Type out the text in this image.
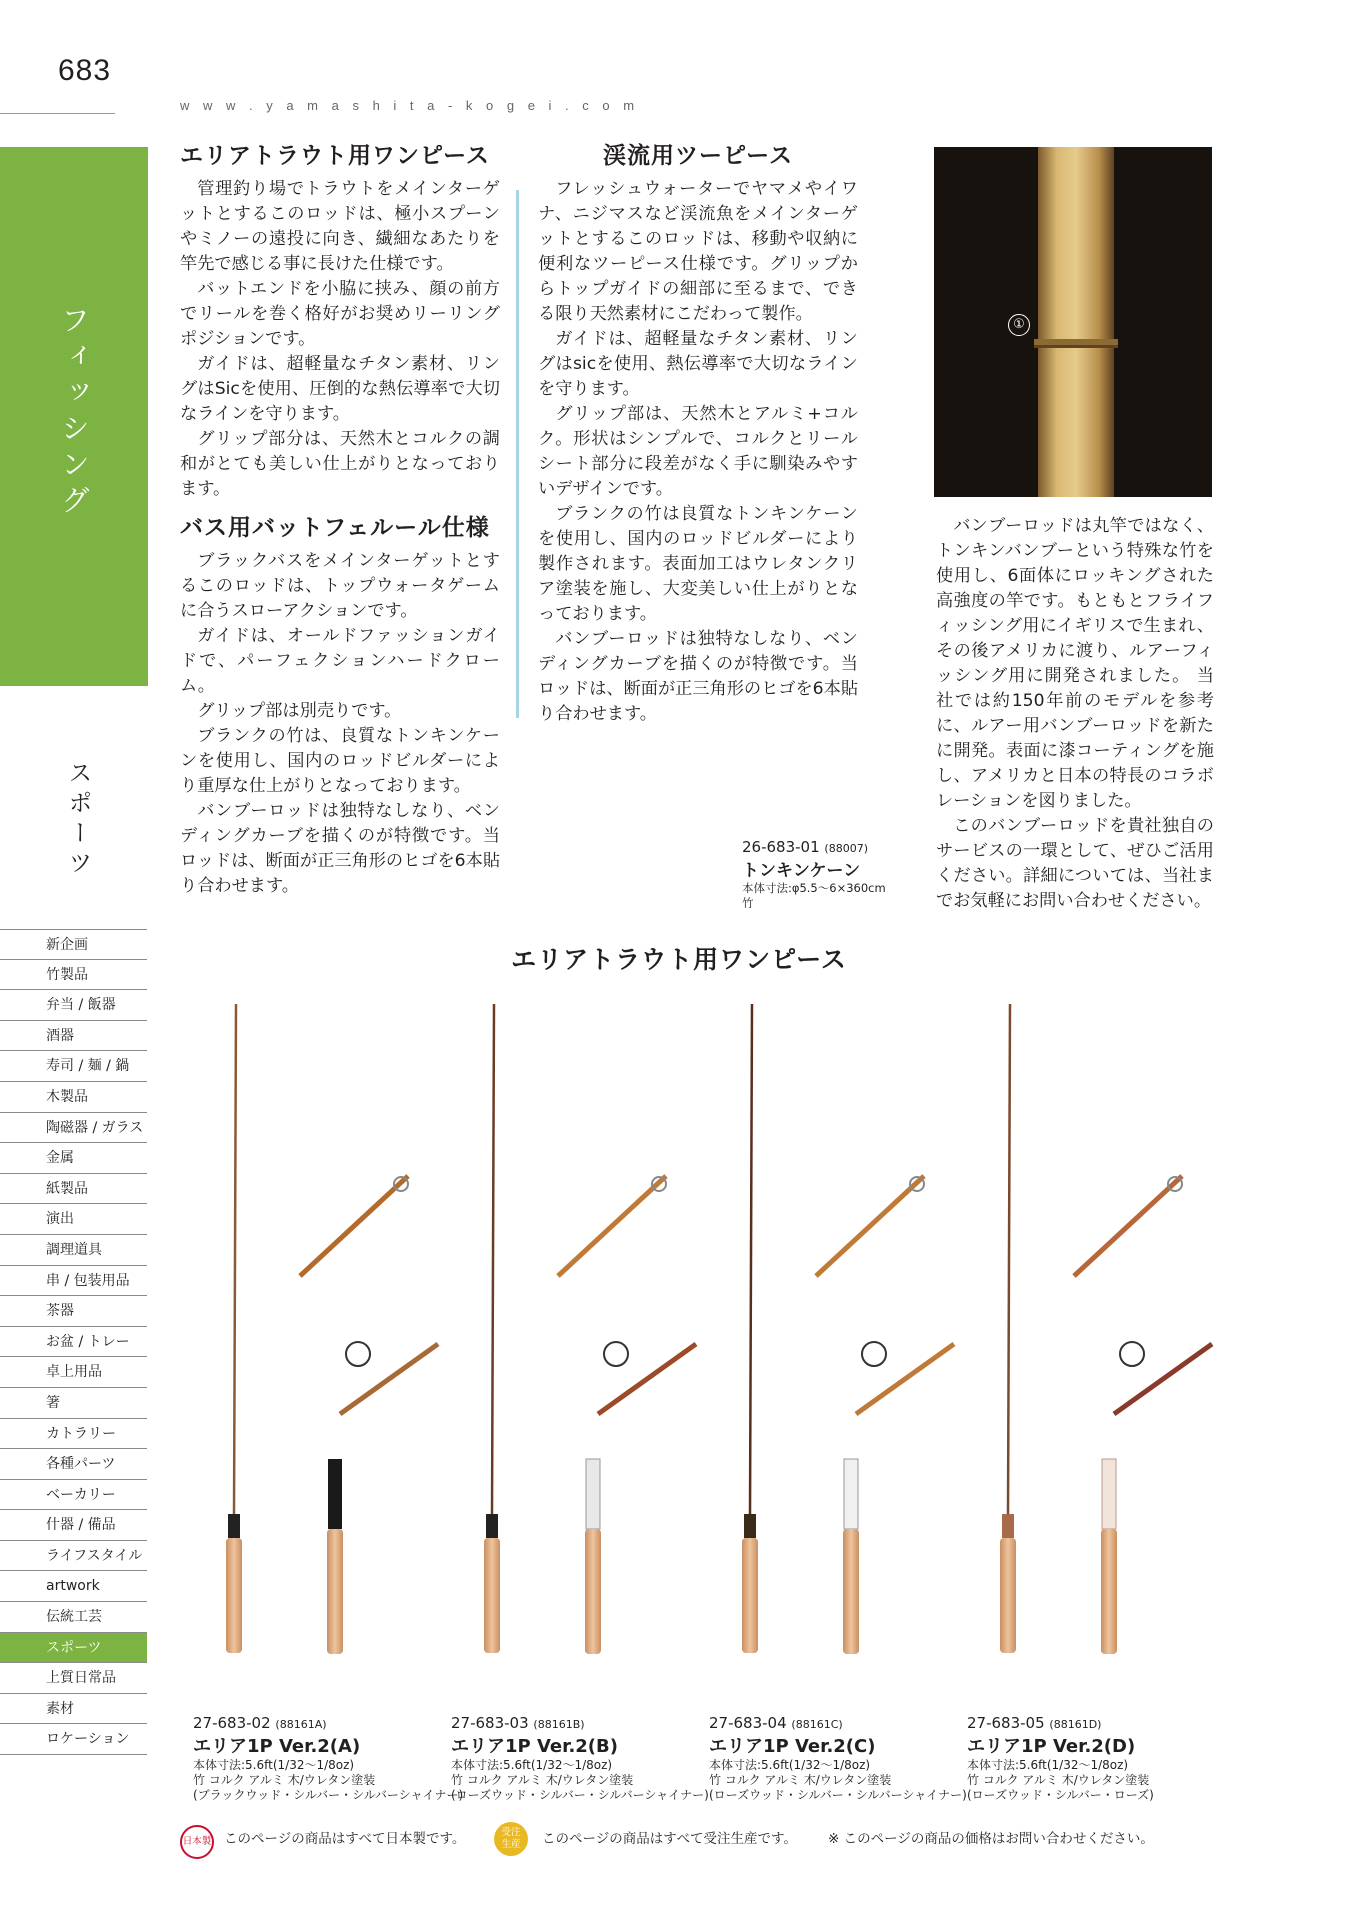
683
w w w . y a m a s h i t a - k o g e i . c o m
フィッシング
スポーツ
新企画
竹製品
弁当 / 飯器
酒器
寿司 / 麺 / 鍋
木製品
陶磁器 / ガラス
金属
紙製品
演出
調理道具
串 / 包装用品
茶器
お盆 / トレー
卓上用品
箸
カトラリー
各種パーツ
ベーカリー
什器 / 備品
ライフスタイル
artwork
伝統工芸
スポーツ
上質日常品
素材
ロケーション
エリアトラウト用ワンピース

管理釣り場でトラウトをメインターゲットとするこのロッドは、極小スプーンやミノーの遠投に向き、繊細なあたりを竿先で感じる事に長けた仕様です。

バットエンドを小脇に挟み、顔の前方でリールを巻く格好がお奨めリーリングポジションです。

ガイドは、超軽量なチタン素材、リングはSicを使用、圧倒的な熱伝導率で大切なラインを守ります。

グリップ部分は、天然木とコルクの調和がとても美しい仕上がりとなっております。

バス用バットフェルール仕様

ブラックバスをメインターゲットとするこのロッドは、トップウォータゲームに合うスローアクションです。

ガイドは、オールドファッションガイドで、パーフェクションハードクローム。

グリップ部は別売りです。

ブランクの竹は、良質なトンキンケーンを使用し、国内のロッドビルダーにより重厚な仕上がりとなっております。

バンブーロッドは独特なしなり、ベンディングカーブを描くのが特徴です。当ロッドは、断面が正三角形のヒゴを6本貼り合わせます。

渓流用ツーピース

フレッシュウォーターでヤマメやイワナ、ニジマスなど渓流魚をメインターゲットとするこのロッドは、移動や収納に便利なツーピース仕様です。グリップからトップガイドの細部に至るまで、できる限り天然素材にこだわって製作。

ガイドは、超軽量なチタン素材、リングはsicを使用、熱伝導率で大切なラインを守ります。

グリップ部は、天然木とアルミ+コルク。形状はシンプルで、コルクとリールシート部分に段差がなく手に馴染みやすいデザインです。

ブランクの竹は良質なトンキンケーンを使用し、国内のロッドビルダーにより製作されます。表面加工はウレタンクリア塗装を施し、大変美しい仕上がりとなっております。

バンブーロッドは独特なしなり、ベンディングカーブを描くのが特徴です。当ロッドは、断面が正三角形のヒゴを6本貼り合わせます。

①

バンブーロッドは丸竿ではなく、トンキンバンブーという特殊な竹を使用し、6面体にロッキングされた高強度の竿です。もともとフライフィッシング用にイギリスで生まれ、その後アメリカに渡り、ルアーフィッシング用に開発されました。 当社では約150年前のモデルを参考に、ルアー用バンブーロッドを新たに開発。表面に漆コーティングを施し、アメリカと日本の特長のコラボレーションを図りました。

このバンブーロッドを貴社独自のサービスの一環として、ぜひご活用ください。詳細については、当社までお気軽にお問い合わせください。

26-683-01 (88007)
トンキンケーン
本体寸法:φ5.5〜6×360cm
竹
エリアトラウト用ワンピース
27-683-02 (88161A)
エリア1P Ver.2(A)
本体寸法:5.6ft(1/32〜1/8oz)
竹 コルク アルミ 木/ウレタン塗装
(ブラックウッド・シルバー・シルバーシャイナー)
27-683-03 (88161B)
エリア1P Ver.2(B)
本体寸法:5.6ft(1/32〜1/8oz)
竹 コルク アルミ 木/ウレタン塗装
(ローズウッド・シルバー・シルバーシャイナー)
27-683-04 (88161C)
エリア1P Ver.2(C)
本体寸法:5.6ft(1/32〜1/8oz)
竹 コルク アルミ 木/ウレタン塗装
(ローズウッド・シルバー・シルバーシャイナー)
27-683-05 (88161D)
エリア1P Ver.2(D)
本体寸法:5.6ft(1/32〜1/8oz)
竹 コルク アルミ 木/ウレタン塗装
(ローズウッド・シルバー・ローズ)
日本製 このページの商品はすべて日本製です。	受注
生産 このページの商品はすべて受注生産です。 ※ このページの商品の価格はお問い合わせください。
